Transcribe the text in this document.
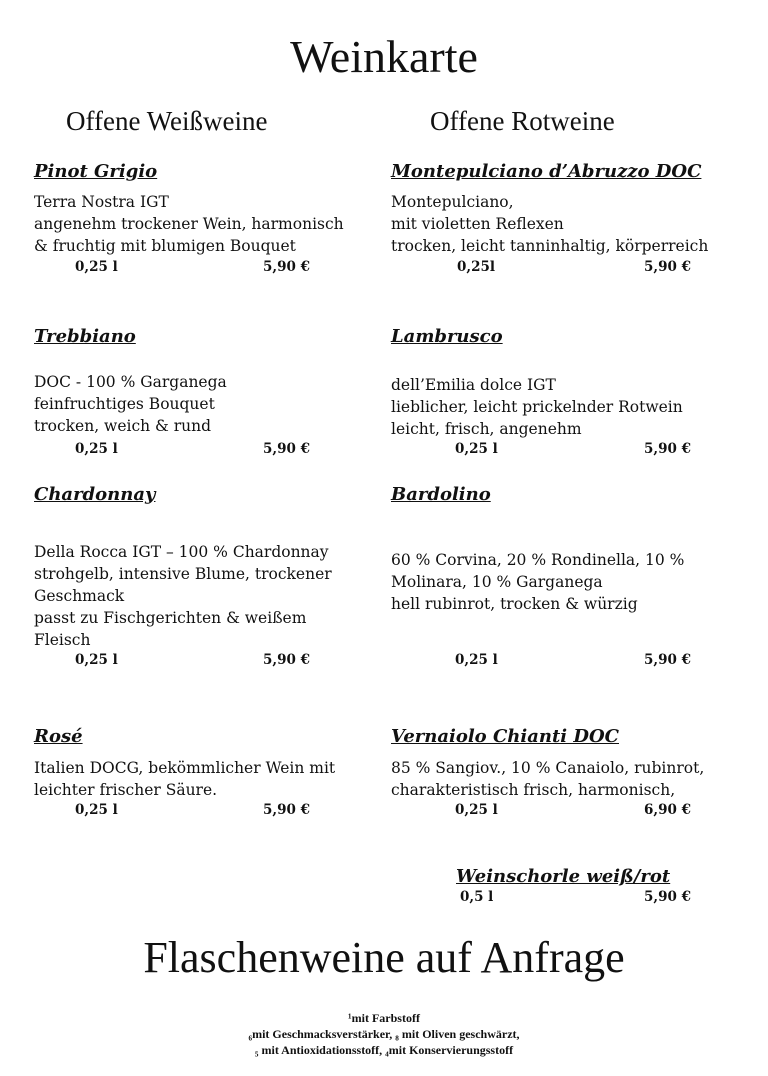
Weinkarte
Offene Weißweine	Offene Rotweine
Pinot Grigio
Terra Nostra IGT
angenehm trockener Wein, harmonisch
& fruchtig mit blumigen Bouquet
0,25 l	5,90 €
Trebbiano
DOC - 100 % Garganega
feinfruchtiges Bouquet
trocken, weich & rund
0,25 l	5,90 €
Chardonnay
Della Rocca IGT – 100 % Chardonnay
strohgelb, intensive Blume, trockener
Geschmack
passt zu Fischgerichten & weißem
Fleisch
0,25 l	5,90 €
Rosé
Italien DOCG, bekömmlicher Wein mit
leichter frischer Säure.
0,25 l	5,90 €
Montepulciano d’Abruzzo DOC
Montepulciano,
mit violetten Reflexen
trocken, leicht tanninhaltig, körperreich
0,25l	5,90 €
Lambrusco
dell’Emilia dolce IGT
lieblicher, leicht prickelnder Rotwein
leicht, frisch, angenehm
0,25 l	5,90 €
Bardolino
60 % Corvina, 20 % Rondinella, 10 %
Molinara, 10 % Garganega
hell rubinrot, trocken & würzig
0,25 l	5,90 €
Vernaiolo Chianti DOC
85 % Sangiov., 10 % Canaiolo, rubinrot,
charakteristisch frisch, harmonisch,
0,25 l	6,90 €
Weinschorle weiß/rot
0,5 l	5,90 €
Flaschenweine auf Anfrage
¹mit Farbstoff
₆mit Geschmacksverstärker, ₈ mit Oliven geschwärzt,
₅ mit Antioxidationsstoff, ₄mit Konservierungsstoff
